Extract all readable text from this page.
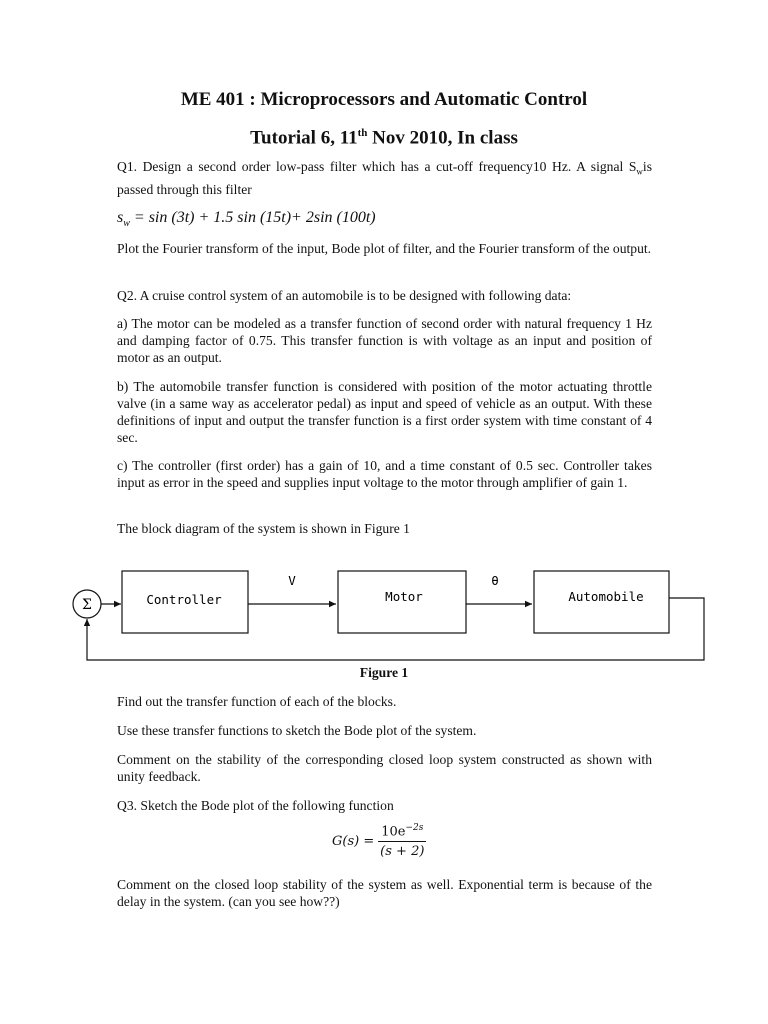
ME 401 : Microprocessors and Automatic Control
Tutorial 6, 11th Nov 2010, In class
Q1. Design a second order low-pass filter which has a cut-off frequency10 Hz. A signal $S_wis$ passed through this filter
$s_w = \sin (3t) + 1.5$ sin (15t)+ 2sin (100t)
Plot the Fourier transform of the input, Bode plot of filter, and the Fourier transform of the output.
Q2. A cruise control system of an automobile is to be designed with following data:
a) The motor can be modeled as a transfer function of second order with natural frequency 1 Hz and damping factor of 0.75. This transfer function is with voltage as an input and position of motor as an output.
b) The automobile transfer function is considered with position of the motor actuating throttle valve (in a same way as accelerator pedal) as input and speed of vehicle as an output. With these definitions of input and output the transfer function is a first order system with time constant of 4 sec.
c) The controller (first order) has a gain of 10, and a time constant of 0.5 sec. Controller takes input as error in the speed and supplies input voltage to the motor through amplifier of gain 1.
The block diagram of the system is shown in Figure 1
Σ	Controller
V
Motor
θ
Automobile
Figure 1
Find out the transfer function of each of the blocks.
Use these transfer functions to sketch the Bode plot of the system.
Comment on the stability of the corresponding closed loop system constructed as shown with unity feedback.
Q3. Sketch the Bode plot of the following function
$G(s) = \frac{10e^{-2s}}{(s + 2)}$
Comment on the closed loop stability of the system as well. Exponential term is because of the delay in the system. (can you see how??)
